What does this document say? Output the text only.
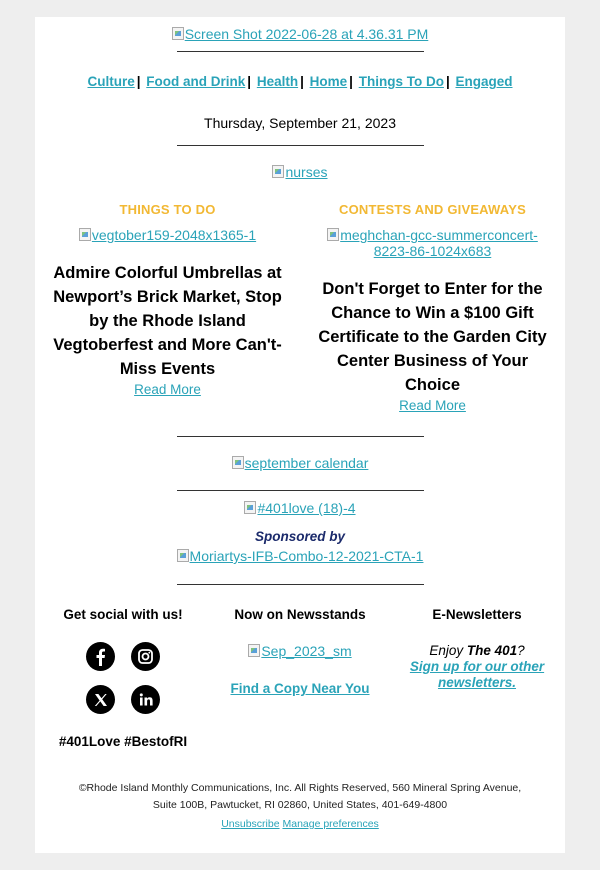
Screen Shot 2022-06-28 at 4.36.31 PM
Culture | Food and Drink | Health | Home | Things To Do | Engaged
Thursday, September 21, 2023
nurses
THINGS TO DO
vegtober159-2048x1365-1
Admire Colorful Umbrellas at Newport’s Brick Market, Stop by the Rhode Island Vegtoberfest and More Can't-Miss Events
Read More
CONTESTS AND GIVEAWAYS
meghchan-gcc-summerconcert-8223-86-1024x683
Don't Forget to Enter for the Chance to Win a $100 Gift Certificate to the Garden City Center Business of Your Choice
Read More
september calendar
#401love (18)-4
Sponsored by
Moriartys-IFB-Combo-12-2021-CTA-1
Get social with us!
#401Love #BestofRI
Now on Newsstands
Sep_2023_sm
Find a Copy Near You
E-Newsletters
Enjoy The 401?
Sign up for our other newsletters.
©Rhode Island Monthly Communications, Inc. All Rights Reserved, 560 Mineral Spring Avenue,
Suite 100B, Pawtucket, RI 02860, United States, 401-649-4800
Unsubscribe Manage preferences
